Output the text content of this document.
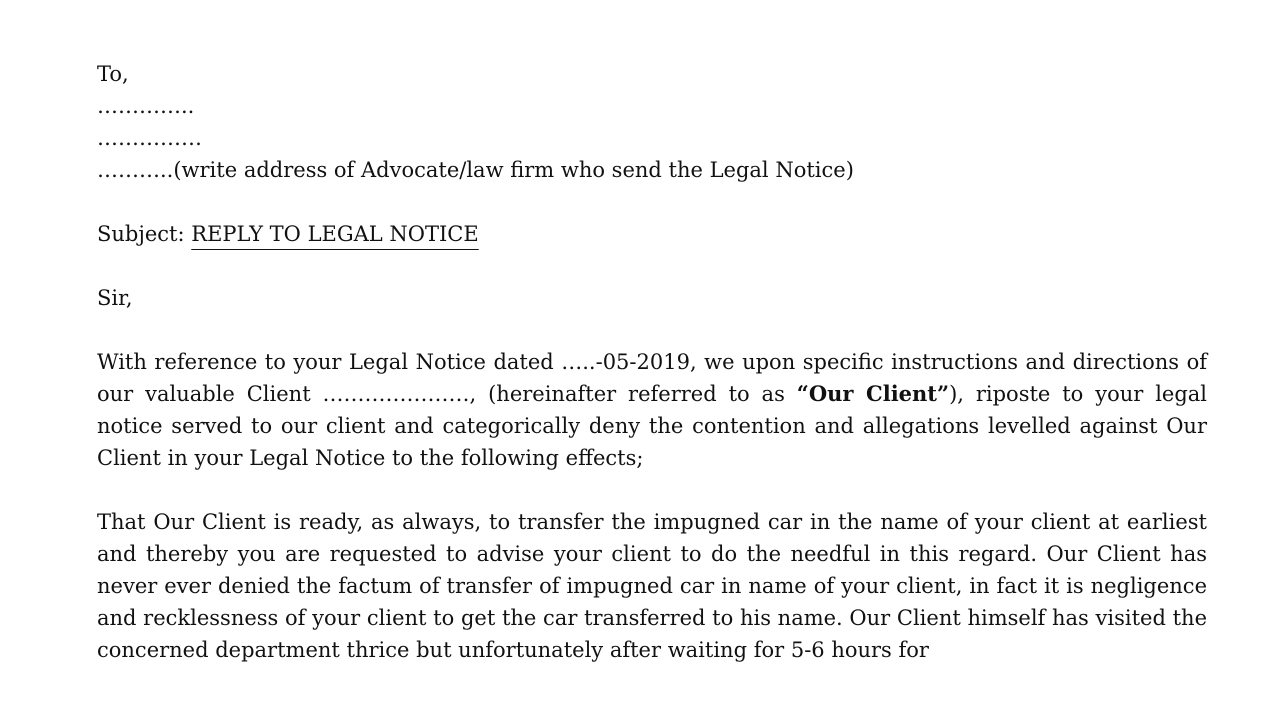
To,
…………..
……………
………..(write address of Advocate/law firm who send the Legal Notice)
Subject: REPLY TO LEGAL NOTICE
Sir,

With reference to your Legal Notice dated …..-05-2019, we upon specific instructions and directions of our valuable Client …………………, (hereinafter referred to as “Our Client”), riposte to your legal notice served to our client and categorically deny the contention and allegations levelled against Our Client in your Legal Notice to the following effects;

That Our Client is ready, as always, to transfer the impugned car in the name of your client at earliest and thereby you are requested to advise your client to do the needful in this regard. Our Client has never ever denied the factum of transfer of impugned car in name of your client, in fact it is negligence and recklessness of your client to get the car transferred to his name. Our Client himself has visited the concerned department thrice but unfortunately after waiting for 5-6 hours for
